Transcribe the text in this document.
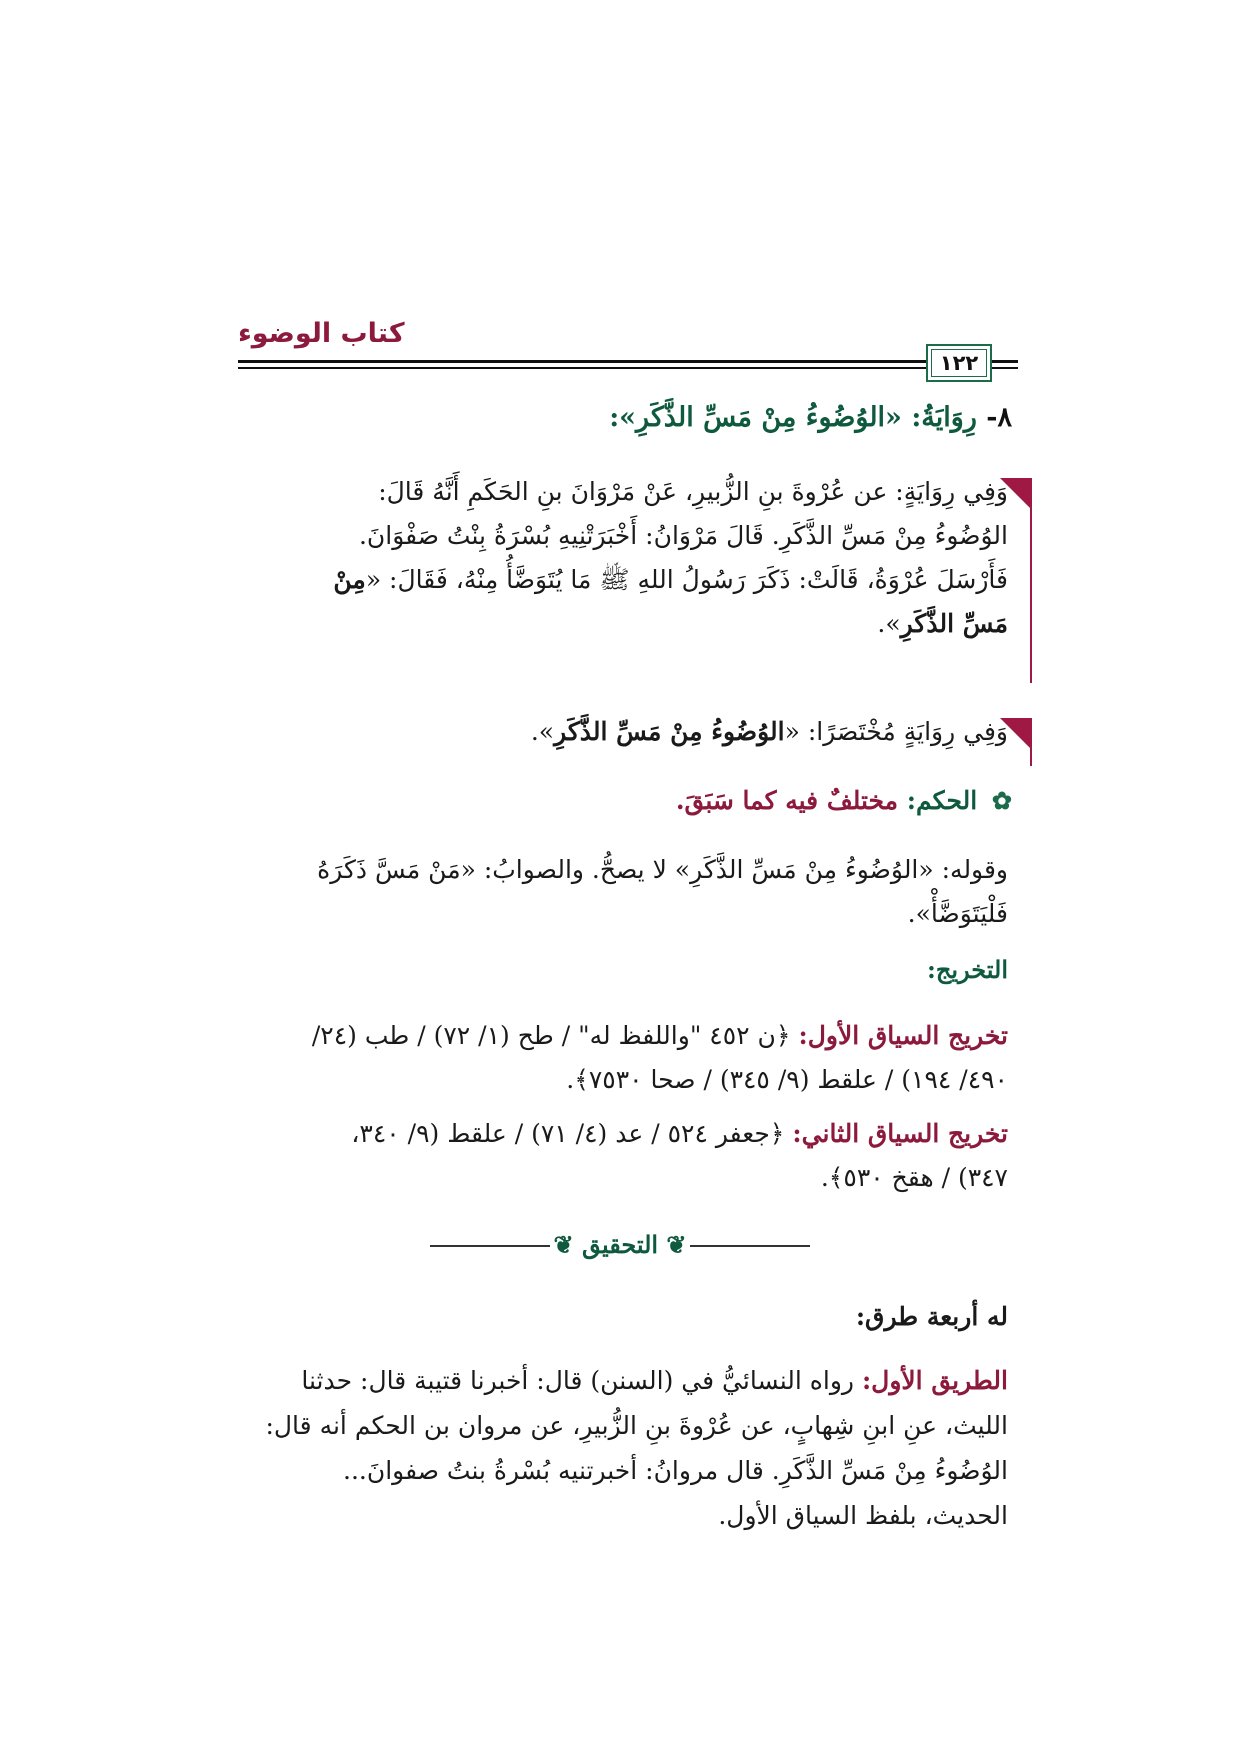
كتاب الوضوء
١٢٢
٨- رِوَايَةُ: «الوُضُوءُ مِنْ مَسِّ الذَّكَرِ»:
وَفِي رِوَايَةٍ: عن عُرْوةَ بنِ الزُّبيرِ، عَنْ مَرْوَانَ بنِ الحَكَمِ أَنَّهُ قَالَ:
الوُضُوءُ مِنْ مَسِّ الذَّكَرِ. قَالَ مَرْوَانُ: أَخْبَرَتْنِيهِ بُسْرَةُ بِنْتُ صَفْوَانَ.
فَأَرْسَلَ عُرْوَةُ، قَالَتْ: ذَكَرَ رَسُولُ اللهِ ﷺ مَا يُتَوَضَّأُ مِنْهُ، فَقَالَ: «مِنْ
مَسِّ الذَّكَرِ».
وَفِي رِوَايَةٍ مُخْتَصَرًا: «الوُضُوءُ مِنْ مَسِّ الذَّكَرِ».
✿ الحكم: مختلفٌ فيه كما سَبَقَ.
وقوله: «الوُضُوءُ مِنْ مَسِّ الذَّكَرِ» لا يصحُّ. والصوابُ: «مَنْ مَسَّ ذَكَرَهُ
فَلْيَتَوَضَّأْ».
التخريج:
تخريج السياق الأول: ﴿ن ٤٥٢ "واللفظ له" / طح (١/ ٧٢) / طب (٢٤/
٤٩٠/ ١٩٤) / علقط (٩/ ٣٤٥) / صحا ٧٥٣٠﴾.
تخريج السياق الثاني: ﴿جعفر ٥٢٤ / عد (٤/ ٧١) / علقط (٩/ ٣٤٠،
٣٤٧) / هقخ ٥٣٠﴾.
❦ التحقيق ❦
له أربعة طرق:
الطريق الأول: رواه النسائيُّ في (السنن) قال: أخبرنا قتيبة قال: حدثنا
الليث، عنِ ابنِ شِهابٍ، عن عُرْوةَ بنِ الزُّبيرِ، عن مروان بن الحكم أنه قال:
الوُضُوءُ مِنْ مَسِّ الذَّكَرِ. قال مروانُ: أخبرتنيه بُسْرةُ بنتُ صفوانَ...
الحديث، بلفظ السياق الأول.
